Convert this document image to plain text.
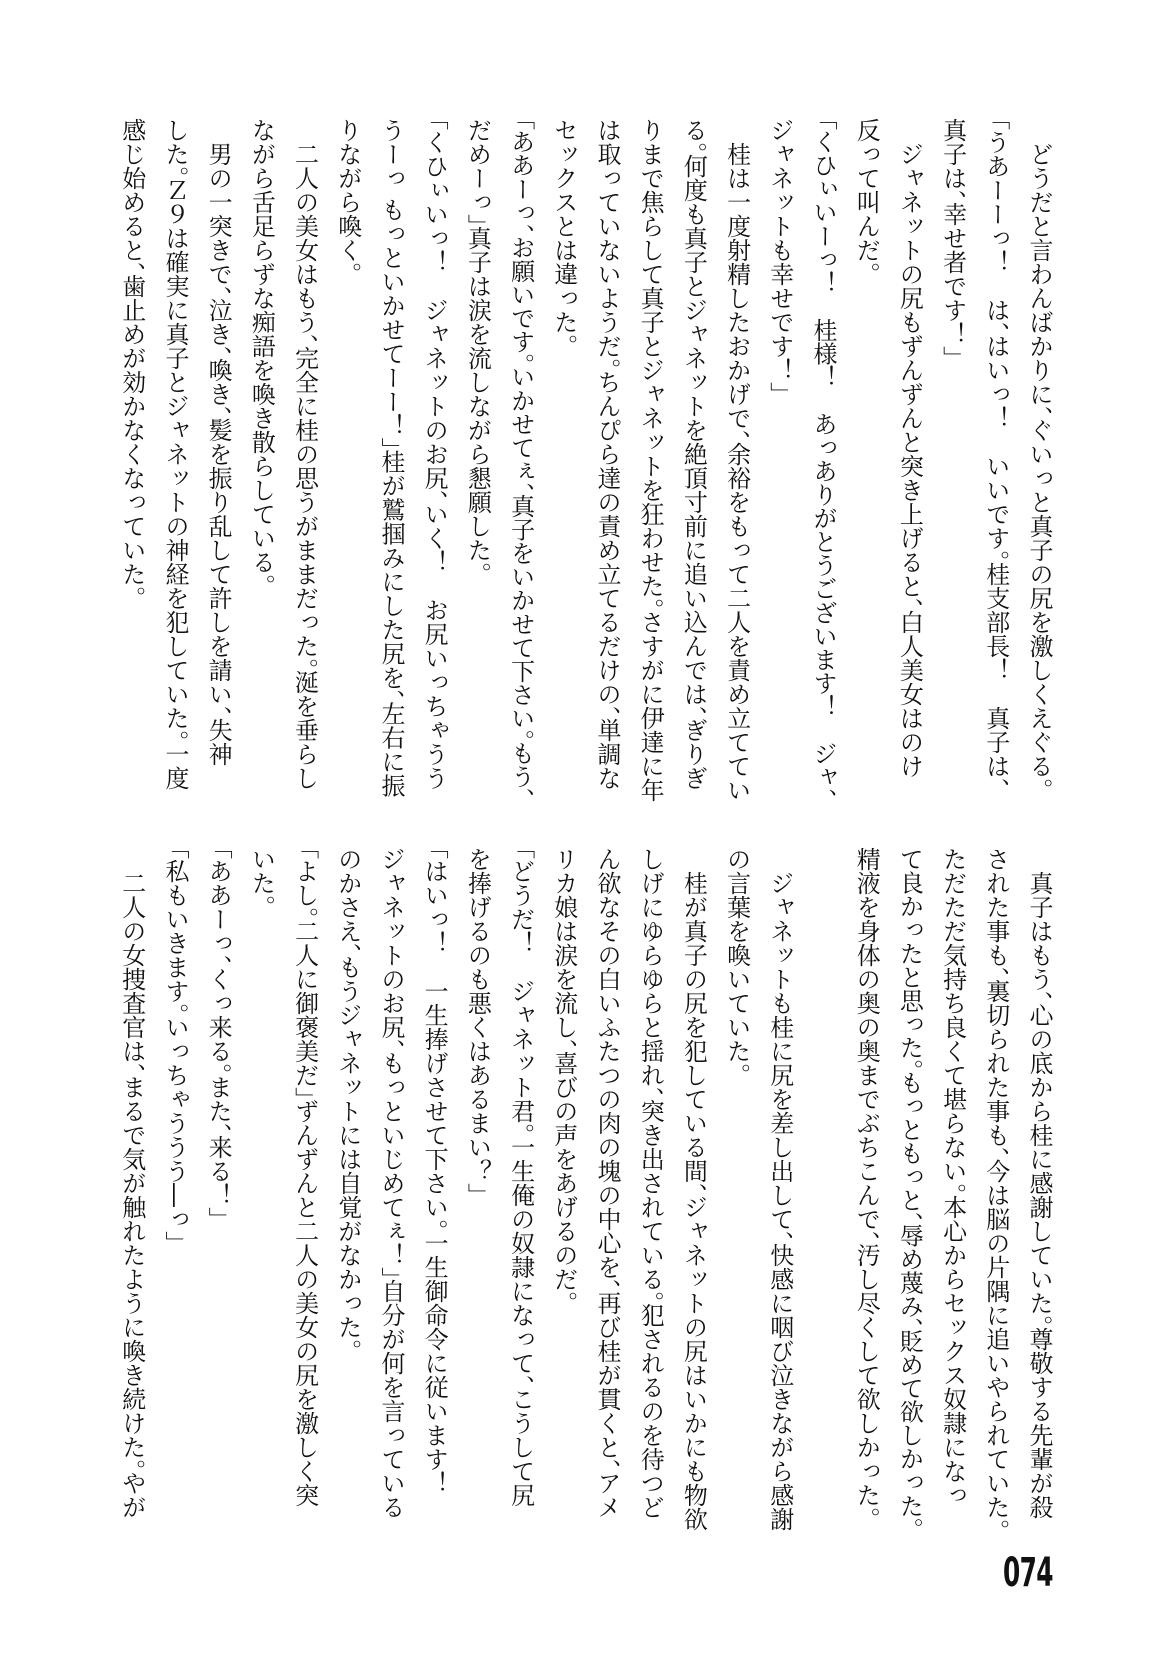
どうだと言わんばかりに、ぐいっと真子の尻を激しくえぐる。
「うあーーっ！　は、はいっ！　いいです。桂支部長！　真子は、
真子は、幸せ者です！」
ジャネットの尻もずんずんと突き上げると、白人美女はのけ
反って叫んだ。
「くひぃいーっ！　桂様！　あっありがとうございます！　ジャ、
ジャネットも幸せです！」
桂は一度射精したおかげで、余裕をもって二人を責め立ててい
る。何度も真子とジャネットを絶頂寸前に追い込んでは、ぎりぎ
りまで焦らして真子とジャネットを狂わせた。さすがに伊達に年
は取っていないようだ。ちんぴら達の責め立てるだけの、単調な
セックスとは違った。
「ああーっ、お願いです。いかせてぇ、真子をいかせて下さい。もう、
だめーっ」真子は涙を流しながら懇願した。
「くひぃいっ！　ジャネットのお尻、いく！　お尻いっちゃうう
うーっ もっといかせてーー！」桂が鷲掴みにした尻を、左右に振
りながら喚く。
二人の美女はもう、完全に桂の思うがままだった。涎を垂らし
ながら舌足らずな痴語を喚き散らしている。
男の一突きで、泣き、喚き、髪を振り乱して許しを請い、失神
した。Ｚ９は確実に真子とジャネットの神経を犯していた。一度
感じ始めると、歯止めが効かなくなっていた。
真子はもう、心の底から桂に感謝していた。尊敬する先輩が殺
された事も、裏切られた事も、今は脳の片隅に追いやられていた。
ただただ気持ち良くて堪らない。本心からセックス奴隷になっ
て良かったと思った。もっともっと、辱め蔑み、貶めて欲しかった。
精液を身体の奥の奥までぶちこんで、汚し尽くして欲しかった。
ジャネットも桂に尻を差し出して、快感に咽び泣きながら感謝
の言葉を喚いていた。
桂が真子の尻を犯している間、ジャネットの尻はいかにも物欲
しげにゆらゆらと揺れ、突き出されている。犯されるのを待つど
ん欲なその白いふたつの肉の塊の中心を、再び桂が貫くと、アメ
リカ娘は涙を流し、喜びの声をあげるのだ。
「どうだ！　ジャネット君。一生俺の奴隷になって、こうして尻
を捧げるのも悪くはあるまい？」
「はいっ！　一生捧げさせて下さい。一生御命令に従います！
ジャネットのお尻、もっといじめてぇ！」自分が何を言っている
のかさえ、もうジャネットには自覚がなかった。
「よし。二人に御褒美だ」ずんずんと二人の美女の尻を激しく突
いた。
「ああーっ、くっ来る。また、来る！」
「私もいきます。いっちゃううう―っ」
二人の女捜査官は、まるで気が触れたように喚き続けた。やが
074
